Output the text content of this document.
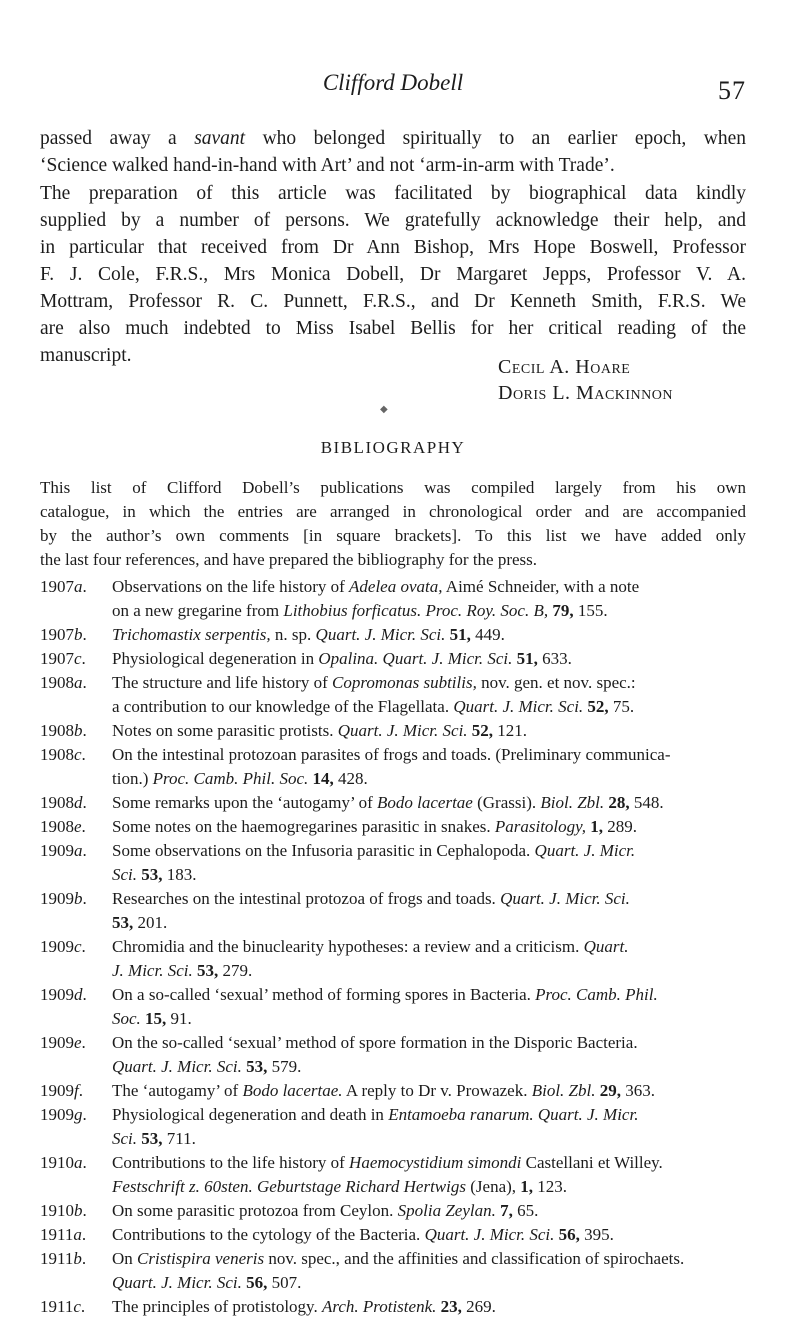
Clifford Dobell	57
passed away a savant who belonged spiritually to an earlier epoch, when
‘Science walked hand-in-hand with Art’ and not ‘arm-in-arm with Trade’.
The preparation of this article was facilitated by biographical data kindly
supplied by a number of persons. We gratefully acknowledge their help, and
in particular that received from Dr Ann Bishop, Mrs Hope Boswell, Professor
F. J. Cole, F.R.S., Mrs Monica Dobell, Dr Margaret Jepps, Professor V. A.
Mottram, Professor R. C. Punnett, F.R.S., and Dr Kenneth Smith, F.R.S. We
are also much indebted to Miss Isabel Bellis for her critical reading of the
manuscript.
Cecil A. Hoare
Doris L. Mackinnon
◆
BIBLIOGRAPHY
This list of Clifford Dobell’s publications was compiled largely from his own
catalogue, in which the entries are arranged in chronological order and are accompanied
by the author’s own comments [in square brackets]. To this list we have added only
the last four references, and have prepared the bibliography for the press.
1907a. Observations on the life history of Adelea ovata, Aimé Schneider, with a note
on a new gregarine from Lithobius forficatus. Proc. Roy. Soc. B, 79, 155.
1907b. Trichomastix serpentis, n. sp. Quart. J. Micr. Sci. 51, 449.
1907c. Physiological degeneration in Opalina. Quart. J. Micr. Sci. 51, 633.
1908a. The structure and life history of Copromonas subtilis, nov. gen. et nov. spec.:
a contribution to our knowledge of the Flagellata. Quart. J. Micr. Sci. 52, 75.
1908b. Notes on some parasitic protists. Quart. J. Micr. Sci. 52, 121.
1908c. On the intestinal protozoan parasites of frogs and toads. (Preliminary communica-
tion.) Proc. Camb. Phil. Soc. 14, 428.
1908d. Some remarks upon the ‘autogamy’ of Bodo lacertae (Grassi). Biol. Zbl. 28, 548.
1908e. Some notes on the haemogregarines parasitic in snakes. Parasitology, 1, 289.
1909a. Some observations on the Infusoria parasitic in Cephalopoda. Quart. J. Micr.
Sci. 53, 183.
1909b. Researches on the intestinal protozoa of frogs and toads. Quart. J. Micr. Sci.
53, 201.
1909c. Chromidia and the binuclearity hypotheses: a review and a criticism. Quart.
J. Micr. Sci. 53, 279.
1909d. On a so-called ‘sexual’ method of forming spores in Bacteria. Proc. Camb. Phil.
Soc. 15, 91.
1909e. On the so-called ‘sexual’ method of spore formation in the Disporic Bacteria.
Quart. J. Micr. Sci. 53, 579.
1909f. The ‘autogamy’ of Bodo lacertae. A reply to Dr v. Prowazek. Biol. Zbl. 29, 363.
1909g. Physiological degeneration and death in Entamoeba ranarum. Quart. J. Micr.
Sci. 53, 711.
1910a. Contributions to the life history of Haemocystidium simondi Castellani et Willey.
Festschrift z. 60sten. Geburtstage Richard Hertwigs (Jena), 1, 123.
1910b. On some parasitic protozoa from Ceylon. Spolia Zeylan. 7, 65.
1911a. Contributions to the cytology of the Bacteria. Quart. J. Micr. Sci. 56, 395.
1911b. On Cristispira veneris nov. spec., and the affinities and classification of spirochaets.
Quart. J. Micr. Sci. 56, 507.
1911c. The principles of protistology. Arch. Protistenk. 23, 269.
